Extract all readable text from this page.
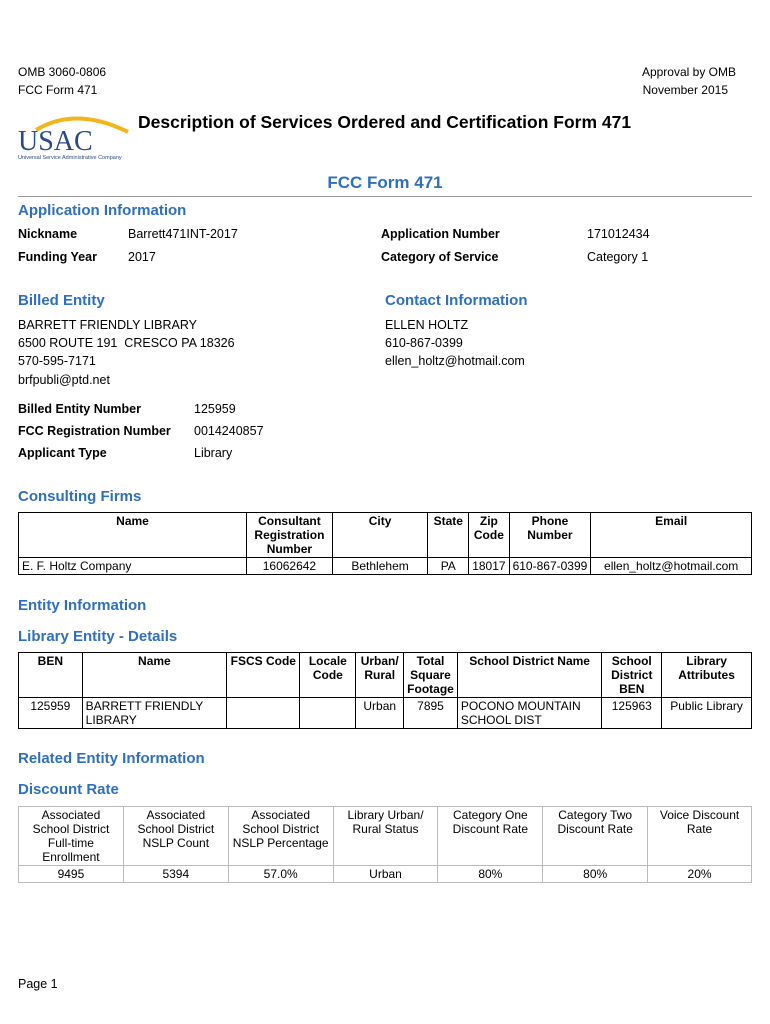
OMB 3060-0806
FCC Form 471
Approval by OMB
November 2015
USAC
Universal Service Administrative Company
Description of Services Ordered and Certification Form 471
FCC Form 471
Application Information
Nickname	Barrett471INT-2017	Application Number	171012434
Funding Year 2017	Category of Service	Category 1
Billed Entity
BARRETT FRIENDLY LIBRARY
6500 ROUTE 191  CRESCO PA 18326
570-595-7171
brfpubli@ptd.net
Billed Entity Number	125959
FCC Registration Number 0014240857
Applicant Type	Library
Contact Information
ELLEN HOLTZ
610-867-0399
ellen_holtz@hotmail.com
Consulting Firms
Name	Consultant Registration Number	City	State	Zip Code	Phone Number	Email
E. F. Holtz Company	16062642	Bethlehem	PA	18017	610-867-0399	ellen_holtz@hotmail.com
Entity Information
Library Entity - Details
BEN	Name	FSCS Code	Locale Code	Urban/ Rural	Total Square Footage	School District Name	School District BEN	Library Attributes
125959	BARRETT FRIENDLY LIBRARY			Urban	7895	POCONO MOUNTAIN SCHOOL DIST	125963	Public Library
Related Entity Information
Discount Rate
Associated School District Full-time Enrollment	Associated School District NSLP Count	Associated School District NSLP Percentage	Library Urban/ Rural Status	Category One Discount Rate	Category Two Discount Rate	Voice Discount Rate
9495	5394	57.0%	Urban	80%	80%	20%
Page 1
